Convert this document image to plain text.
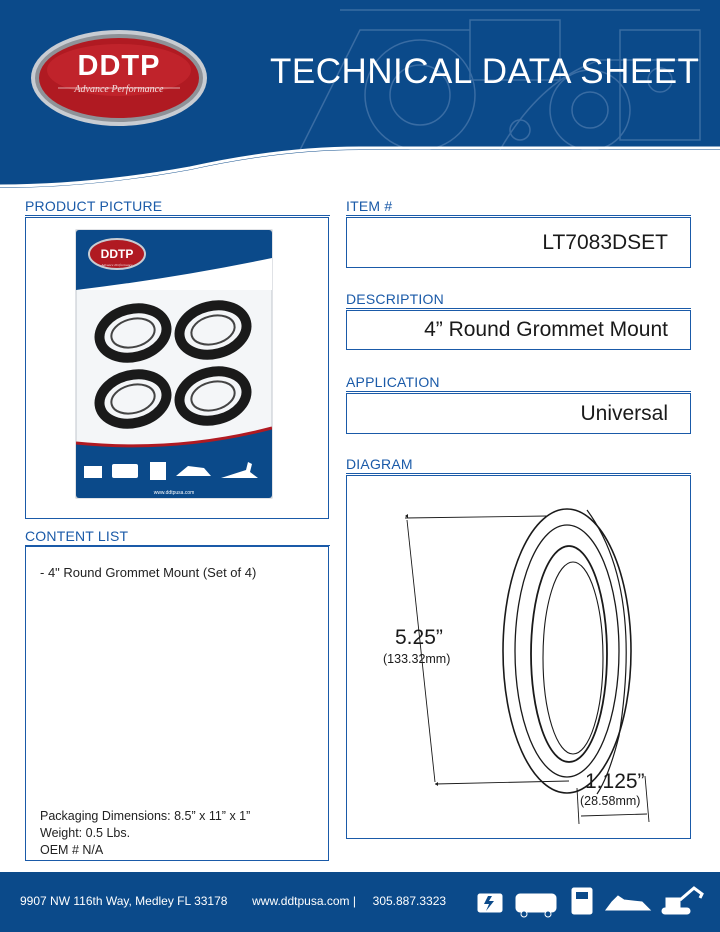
DDTP
Advance Performance	TECHNICAL DATA SHEET
PRODUCT PICTURE
DDTP
Advance Performance
www.ddtpusa.com
ITEM #
LT7083DSET
DESCRIPTION
4” Round Grommet Mount
APPLICATION
Universal
DIAGRAM
5.25”
(133.32mm)
1.125”
(28.58mm)
CONTENT LIST
- 4" Round Grommet Mount (Set of 4)
Packaging Dimensions: 8.5” x 11” x 1”
Weight: 0.5 Lbs.
OEM # N/A
9907 NW 116th Way, Medley FL 33178 www.ddtpusa.com | 305.887.3323
